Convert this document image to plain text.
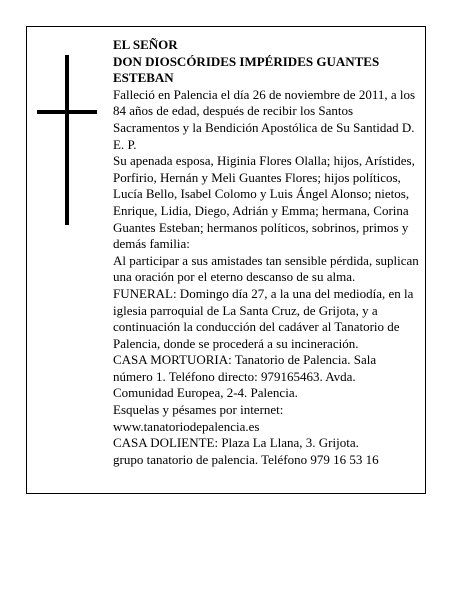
EL SEÑOR

DON DIOSCÓRIDES IMPÉRIDES GUANTES ESTEBAN

Falleció en Palencia el día 26 de noviembre de 2011, a los 84 años de edad, después de recibir los Santos Sacramentos y la Bendición Apostólica de Su Santidad D. E. P.

Su apenada esposa, Higinia Flores Olalla; hijos, Arístides, Porfirio, Hernán y Meli Guantes Flores; hijos políticos, Lucía Bello, Isabel Colomo y Luis Ángel Alonso; nietos, Enrique, Lidia, Diego, Adrián y Emma; hermana, Corina Guantes Esteban; hermanos políticos, sobrinos, primos y demás familia:

Al participar a sus amistades tan sensible pérdida, suplican una oración por el eterno descanso de su alma.

FUNERAL: Domingo día 27, a la una del mediodía, en la iglesia parroquial de La Santa Cruz, de Grijota, y a continuación la conducción del cadáver al Tanatorio de Palencia, donde se procederá a su incineración.

CASA MORTUORIA: Tanatorio de Palencia. Sala número 1. Teléfono directo: 979165463. Avda. Comunidad Europea, 2-4. Palencia.

Esquelas y pésames por internet: www.tanatoriodepalencia.es

CASA DOLIENTE: Plaza La Llana, 3. Grijota.

grupo tanatorio de palencia. Teléfono 979 16 53 16
